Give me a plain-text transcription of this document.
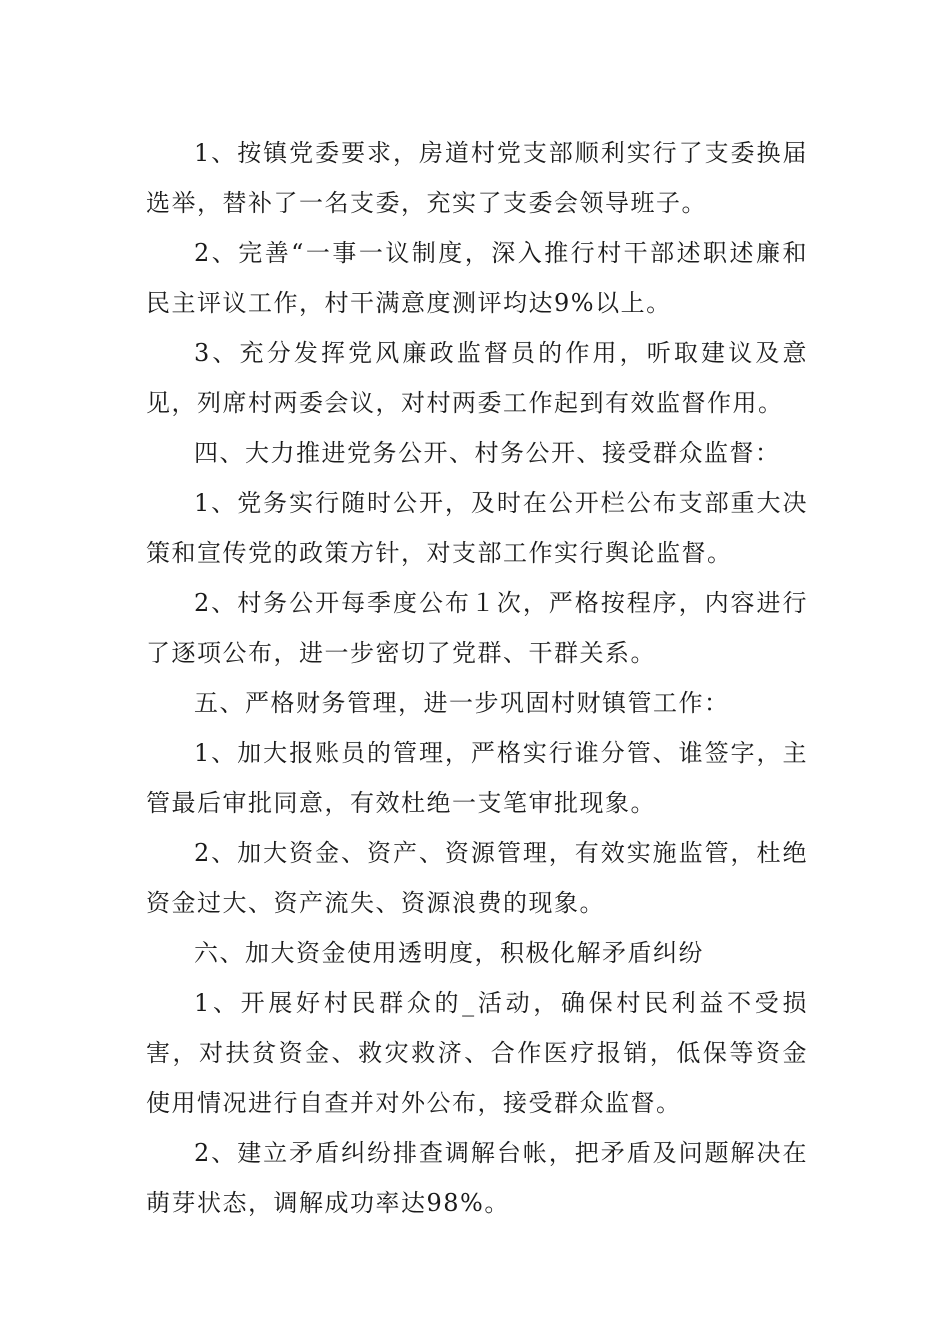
1、按镇党委要求，房道村党支部顺利实行了支委换届选举，替补了一名支委，充实了支委会领导班子。

2、完善“一事一议制度，深入推行村干部述职述廉和民主评议工作，村干满意度测评均达9%以上。

3、充分发挥党风廉政监督员的作用，听取建议及意见，列席村两委会议，对村两委工作起到有效监督作用。

四、大力推进党务公开、村务公开、接受群众监督：

1、党务实行随时公开，及时在公开栏公布支部重大决策和宣传党的政策方针，对支部工作实行舆论监督。

2、村务公开每季度公布１次，严格按程序，内容进行了逐项公布，进一步密切了党群、干群关系。

五、严格财务管理，进一步巩固村财镇管工作：

1、加大报账员的管理，严格实行谁分管、谁签字，主管最后审批同意，有效杜绝一支笔审批现象。

2、加大资金、资产、资源管理，有效实施监管，杜绝资金过大、资产流失、资源浪费的现象。

六、加大资金使用透明度，积极化解矛盾纠纷

1、开展好村民群众的_活动，确保村民利益不受损害，对扶贫资金、救灾救济、合作医疗报销，低保等资金使用情况进行自查并对外公布，接受群众监督。

2、建立矛盾纠纷排查调解台帐，把矛盾及问题解决在萌芽状态，调解成功率达98%。
